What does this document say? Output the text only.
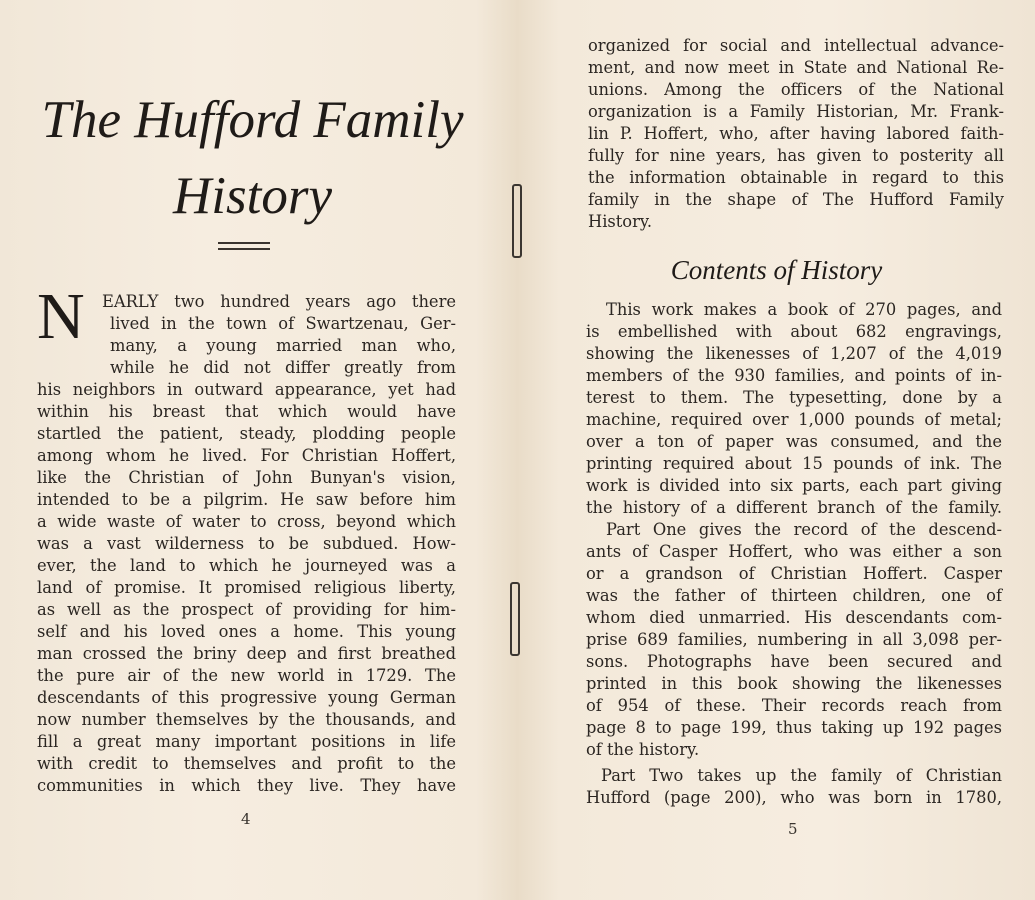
The Hufford Family
History
N EARLY two hundred years ago there
lived in the town of Swartzenau, Ger-
many, a young married man who,
while he did not differ greatly from
his neighbors in outward appearance, yet had
within his breast that which would have
startled the patient, steady, plodding people
among whom he lived. For Christian Hoffert,
like the Christian of John Bunyan's vision,
intended to be a pilgrim. He saw before him
a wide waste of water to cross, beyond which
was a vast wilderness to be subdued. How-
ever, the land to which he journeyed was a
land of promise. It promised religious liberty,
as well as the prospect of providing for him-
self and his loved ones a home. This young
man crossed the briny deep and first breathed
the pure air of the new world in 1729. The
descendants of this progressive young German
now number themselves by the thousands, and
fill a great many important positions in life
with credit to themselves and profit to the
communities in which they live. They have
4
organized for social and intellectual advance-
ment, and now meet in State and National Re-
unions. Among the officers of the National
organization is a Family Historian, Mr. Frank-
lin P. Hoffert, who, after having labored faith-
fully for nine years, has given to posterity all
the information obtainable in regard to this
family in the shape of The Hufford Family
History.
Contents of History
This work makes a book of 270 pages, and
is embellished with about 682 engravings,
showing the likenesses of 1,207 of the 4,019
members of the 930 families, and points of in-
terest to them. The typesetting, done by a
machine, required over 1,000 pounds of metal;
over a ton of paper was consumed, and the
printing required about 15 pounds of ink. The
work is divided into six parts, each part giving
the history of a different branch of the family.
Part One gives the record of the descend-
ants of Casper Hoffert, who was either a son
or a grandson of Christian Hoffert. Casper
was the father of thirteen children, one of
whom died unmarried. His descendants com-
prise 689 families, numbering in all 3,098 per-
sons. Photographs have been secured and
printed in this book showing the likenesses
of 954 of these. Their records reach from
page 8 to page 199, thus taking up 192 pages
of the history.
Part Two takes up the family of Christian
Hufford (page 200), who was born in 1780,
5
